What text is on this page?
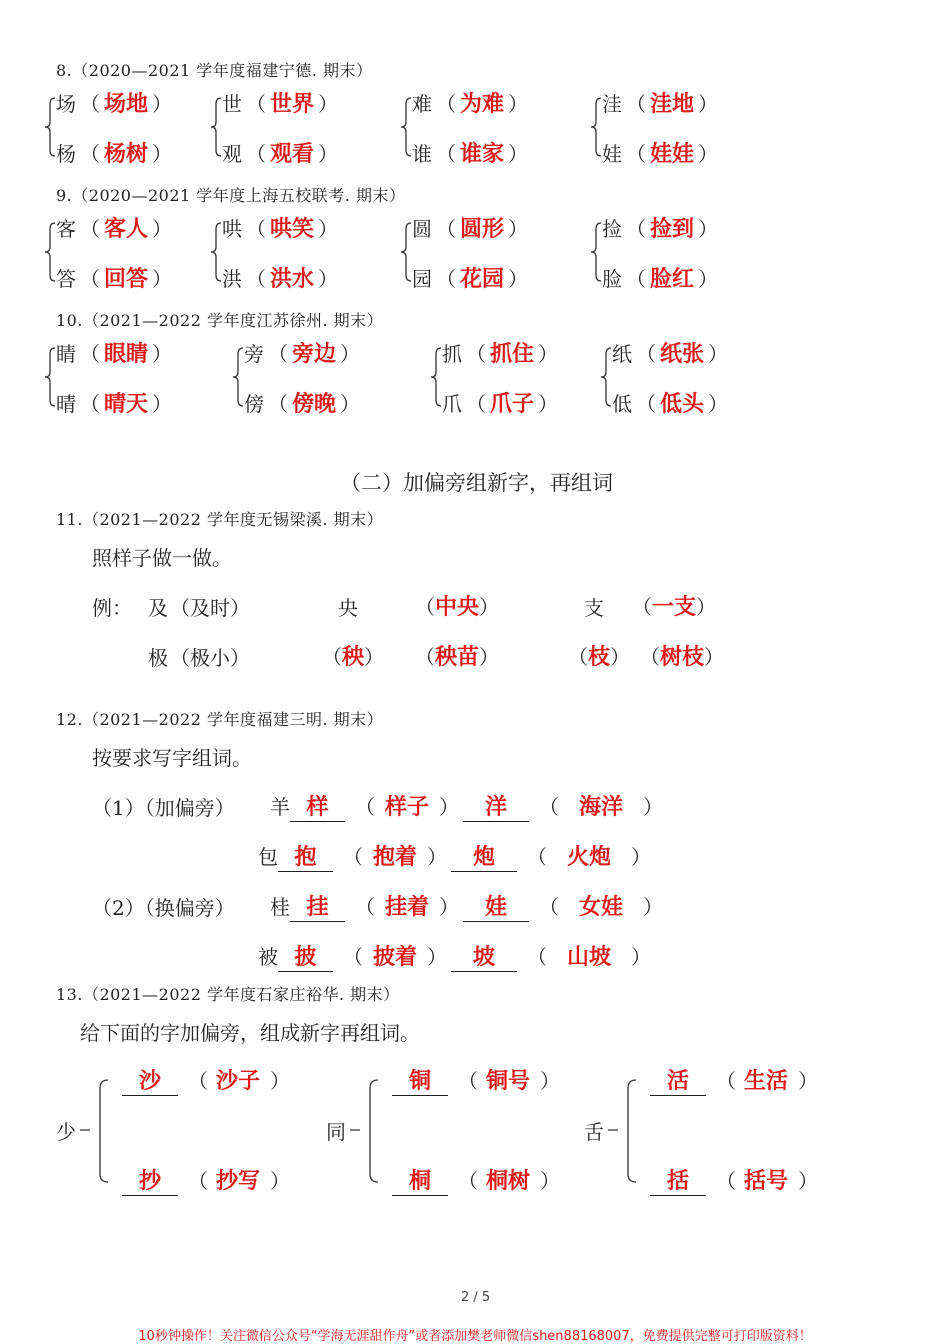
8.（2020—2021 学年度福建宁德. 期末）
场 （ 场地 ）
杨 （ 杨树 ）
世 （ 世界 ）
观 （ 观看 ）
难 （ 为难 ）
谁 （ 谁家 ）
洼 （ 洼地 ）
娃 （ 娃娃 ）
9.（2020—2021 学年度上海五校联考. 期末）
客 （ 客人 ）
答 （ 回答 ）
哄 （ 哄笑 ）
洪 （ 洪水 ）
圆 （ 圆形 ）
园 （ 花园 ）
捡 （ 捡到 ）
脸 （ 脸红 ）
10.（2021—2022 学年度江苏徐州. 期末）
睛 （ 眼睛 ）
晴 （ 晴天 ）
旁 （ 旁边 ）
傍 （ 傍晚 ）
抓 （ 抓住 ）
爪 （ 爪子 ）
纸 （ 纸张 ）
低 （ 低头 ）
（二）加偏旁组新字，再组词
11.（2021—2022 学年度无锡梁溪. 期末）
照样子做一做。
例： 及 （及时）
极 （极小）
央	（中央）
（秧） （秧苗）
支 （一支）
（枝） （树枝）
12.（2021—2022 学年度福建三明. 期末）
按要求写字组词。
（1）（加偏旁）
（2）（换偏旁）
羊 样 （ 样子 ） 洋 （ 海洋 ）
包 抱 （ 抱着 ） 炮 （ 火炮 ）
桂 挂 （ 挂着 ） 娃 （ 女娃 ）
被 披 （ 披着 ） 坡 （ 山坡 ）
13.（2021—2022 学年度石家庄裕华. 期末）
给下面的字加偏旁，组成新字再组词。
少
沙 （ 沙子 ）
抄 （ 抄写 ）
同
铜 （ 铜号 ）
桐 （ 桐树 ）
舌
活 （ 生活 ）
括 （ 括号 ）
2 / 5
10秒钟操作！关注微信公众号“学海无涯甜作舟”或者添加樊老师微信shen88168007，免费提供完整可打印版资料！
